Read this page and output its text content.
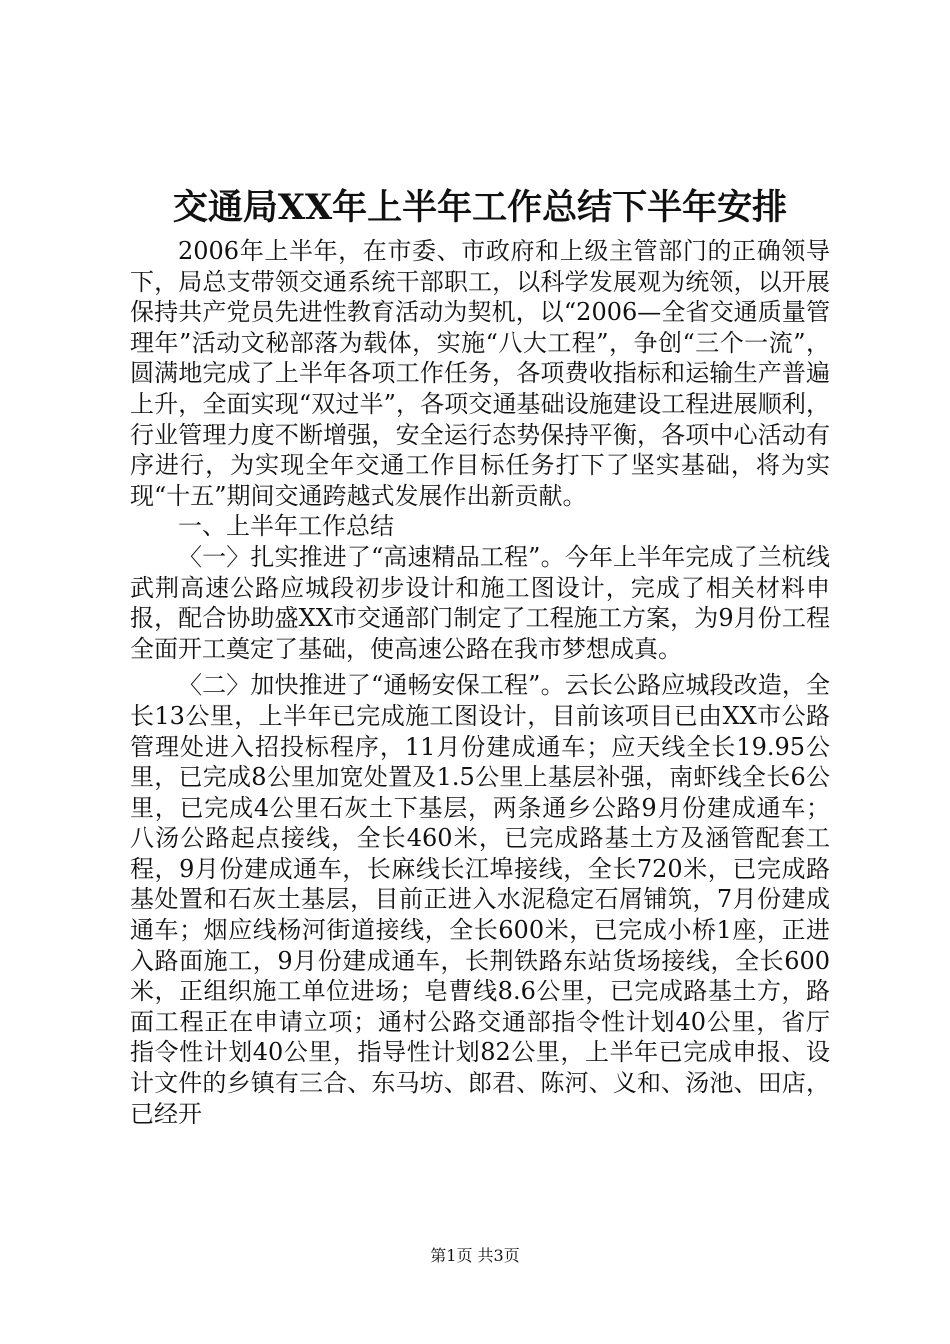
交通局XX年上半年工作总结下半年安排

2006年上半年，在市委、市政府和上级主管部门的正确领导下，局总支带领交通系统干部职工，以科学发展观为统领，以开展保持共产党员先进性教育活动为契机，以“2006—全省交通质量管理年”活动文秘部落为载体，实施“八大工程”，争创“三个一流”，圆满地完成了上半年各项工作任务，各项费收指标和运输生产普遍上升，全面实现“双过半”，各项交通基础设施建设工程进展顺利，行业管理力度不断增强，安全运行态势保持平衡，各项中心活动有序进行，为实现全年交通工作目标任务打下了坚实基础，将为实现“十五”期间交通跨越式发展作出新贡献。

一、上半年工作总结

〈一〉扎实推进了“高速精品工程”。今年上半年完成了兰杭线武荆高速公路应城段初步设计和施工图设计，完成了相关材料申报，配合协助盛XX市交通部门制定了工程施工方案，为9月份工程全面开工奠定了基础，使高速公路在我市梦想成真。

〈二〉加快推进了“通畅安保工程”。云长公路应城段改造，全长13公里，上半年已完成施工图设计，目前该项目已由XX市公路管理处进入招投标程序，11月份建成通车；应天线全长19.95公里，已完成8公里加宽处置及1.5公里上基层补强，南虾线全长6公里，已完成4公里石灰土下基层，两条通乡公路9月份建成通车；八汤公路起点接线，全长460米，已完成路基土方及涵管配套工程，9月份建成通车，长麻线长江埠接线，全长720米，已完成路基处置和石灰土基层，目前正进入水泥稳定石屑铺筑，7月份建成通车；烟应线杨河街道接线，全长600米，已完成小桥1座，正进入路面施工，9月份建成通车，长荆铁路东站货场接线，全长600米，正组织施工单位进场；皂曹线8.6公里，已完成路基土方，路面工程正在申请立项；通村公路交通部指令性计划40公里，省厅指令性计划40公里，指导性计划82公里，上半年已完成申报、设计文件的乡镇有三合、东马坊、郎君、陈河、义和、汤池、田店，已经开

第1页 共3页
